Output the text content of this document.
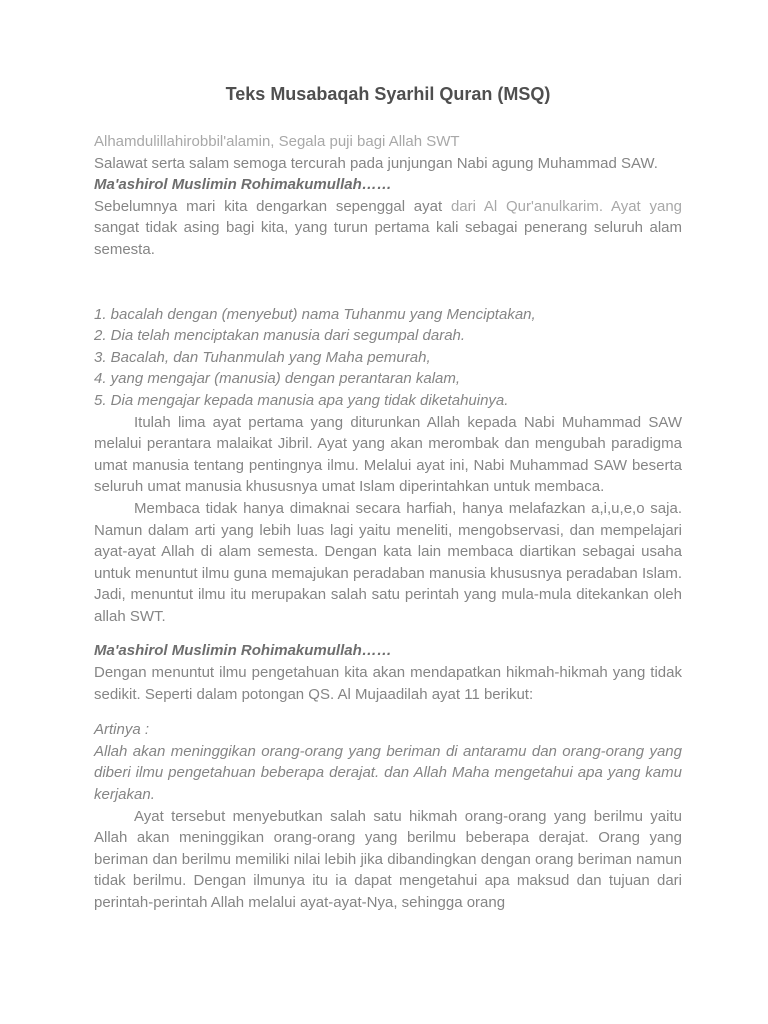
Teks Musabaqah Syarhil Quran (MSQ)

Alhamdulillahirobbil'alamin, Segala puji bagi Allah SWT

Salawat serta salam semoga tercurah pada junjungan Nabi agung Muhammad SAW.

Ma'ashirol Muslimin Rohimakumullah……

Sebelumnya mari kita dengarkan sepenggal ayat dari Al Qur'anulkarim. Ayat yang sangat tidak asing bagi kita, yang turun pertama kali sebagai penerang seluruh alam semesta.

1. bacalah dengan (menyebut) nama Tuhanmu yang Menciptakan,

2. Dia telah menciptakan manusia dari segumpal darah.

3. Bacalah, dan Tuhanmulah yang Maha pemurah,

4. yang mengajar (manusia) dengan perantaran kalam,

5. Dia mengajar kepada manusia apa yang tidak diketahuinya.

Itulah lima ayat pertama yang diturunkan Allah kepada Nabi Muhammad SAW melalui perantara malaikat Jibril. Ayat yang akan merombak dan mengubah paradigma umat manusia tentang pentingnya ilmu. Melalui ayat ini, Nabi Muhammad SAW beserta seluruh umat manusia khususnya umat Islam diperintahkan untuk membaca.

Membaca tidak hanya dimaknai secara harfiah, hanya melafazkan a,i,u,e,o saja. Namun dalam arti yang lebih luas lagi yaitu meneliti, mengobservasi, dan mempelajari ayat-ayat Allah di alam semesta. Dengan kata lain membaca diartikan sebagai usaha untuk menuntut ilmu guna memajukan peradaban manusia khususnya peradaban Islam. Jadi, menuntut ilmu itu merupakan salah satu perintah yang mula-mula ditekankan oleh allah SWT.

Ma'ashirol Muslimin Rohimakumullah……

Dengan menuntut ilmu pengetahuan kita akan mendapatkan hikmah-hikmah yang tidak sedikit. Seperti dalam potongan QS. Al Mujaadilah ayat 11 berikut:

Artinya :

Allah akan meninggikan orang-orang yang beriman di antaramu dan orang-orang yang diberi ilmu pengetahuan beberapa derajat. dan Allah Maha mengetahui apa yang kamu kerjakan.

Ayat tersebut menyebutkan salah satu hikmah orang-orang yang berilmu yaitu Allah akan meninggikan orang-orang yang berilmu beberapa derajat. Orang yang beriman dan berilmu memiliki nilai lebih jika dibandingkan dengan orang beriman namun tidak berilmu. Dengan ilmunya itu ia dapat mengetahui apa maksud dan tujuan dari perintah-perintah Allah melalui ayat-ayat-Nya, sehingga orang
